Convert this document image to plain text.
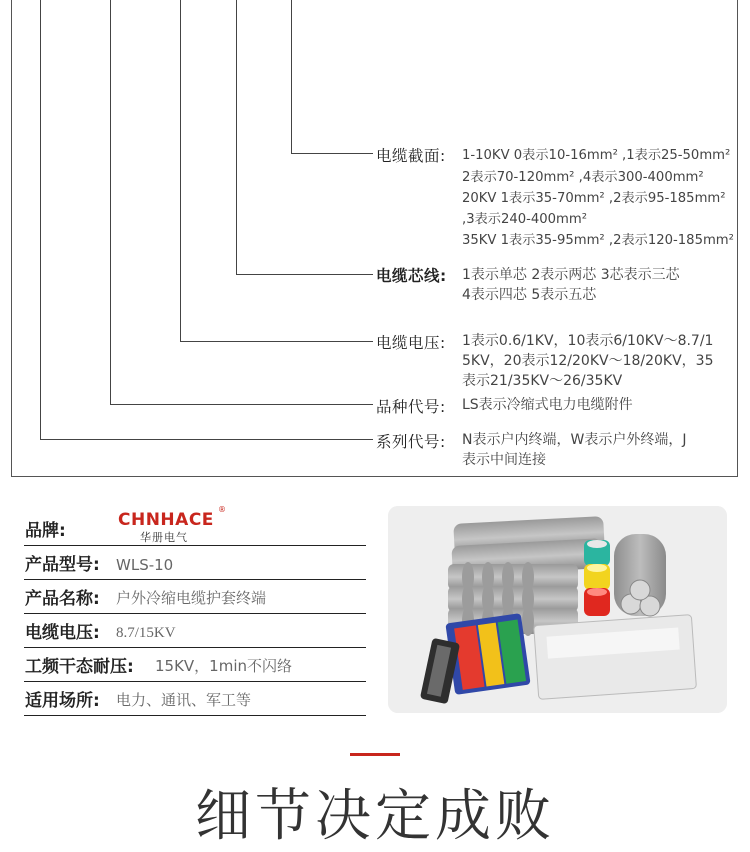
电缆截面:
电缆芯线:
电缆电压:
品种代号:
系列代号:
1-10KV 0表示10-16mm² ,1表示25-50mm²
2表示70-120mm² ,4表示300-400mm²
20KV 1表示35-70mm² ,2表示95-185mm²
,3表示240-400mm²
35KV 1表示35-95mm² ,2表示120-185mm²
1表示单芯 2表示两芯 3芯表示三芯
4表示四芯 5表示五芯
1表示0.6/1KV，10表示6/10KV～8.7/1
5KV，20表示12/20KV～18/20KV，35
表示21/35KV～26/35KV
LS表示冷缩式电力电缆附件
N表示户内终端，W表示户外终端，J
表示中间连接
品牌:
CHNHACE
®
华册电气
产品型号: WLS-10
产品名称: 户外冷缩电缆护套终端
电缆电压: 8.7/15KV
工频干态耐压: 15KV，1min不闪络
适用场所: 电力、通讯、军工等
细节决定成败
